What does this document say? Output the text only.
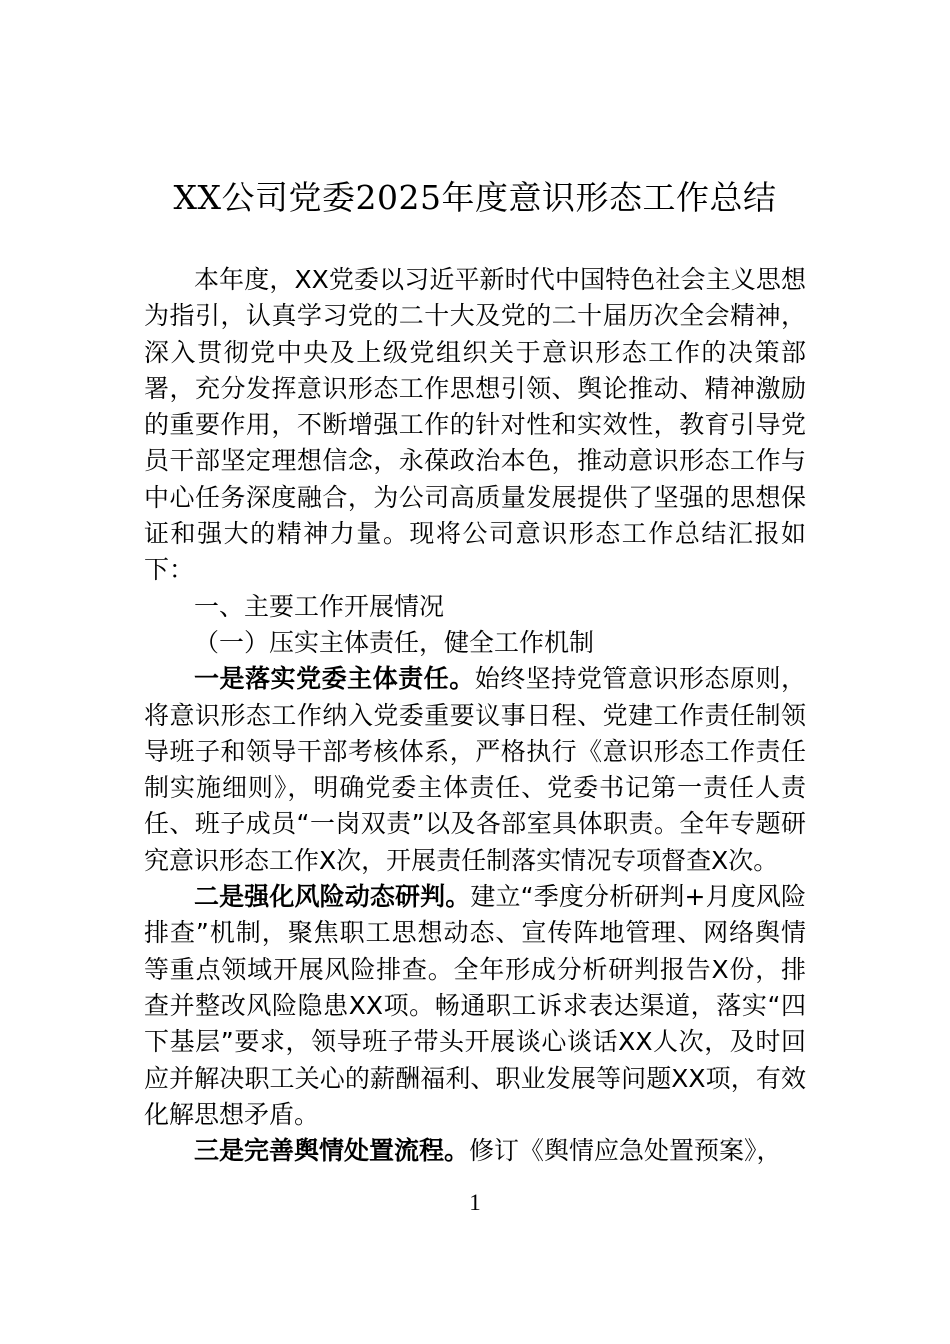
XX公司党委2025年度意识形态工作总结

本年度，XX党委以习近平新时代中国特色社会主义思想为指引，认真学习党的二十大及党的二十届历次全会精神，深入贯彻党中央及上级党组织关于意识形态工作的决策部署，充分发挥意识形态工作思想引领、舆论推动、精神激励的重要作用，不断增强工作的针对性和实效性，教育引导党员干部坚定理想信念，永葆政治本色，推动意识形态工作与中心任务深度融合，为公司高质量发展提供了坚强的思想保证和强大的精神力量。现将公司意识形态工作总结汇报如下：

一、主要工作开展情况

（一）压实主体责任，健全工作机制

一是落实党委主体责任。始终坚持党管意识形态原则，将意识形态工作纳入党委重要议事日程、党建工作责任制领导班子和领导干部考核体系，严格执行《意识形态工作责任制实施细则》，明确党委主体责任、党委书记第一责任人责任、班子成员“一岗双责”以及各部室具体职责。全年专题研究意识形态工作X次，开展责任制落实情况专项督查X次。

二是强化风险动态研判。建立“季度分析研判+月度风险排查”机制，聚焦职工思想动态、宣传阵地管理、网络舆情等重点领域开展风险排查。全年形成分析研判报告X份，排查并整改风险隐患XX项。畅通职工诉求表达渠道，落实“四下基层”要求，领导班子带头开展谈心谈话XX人次，及时回应并解决职工关心的薪酬福利、职业发展等问题XX项，有效化解思想矛盾。

三是完善舆情处置流程。修订《舆情应急处置预案》，

1
